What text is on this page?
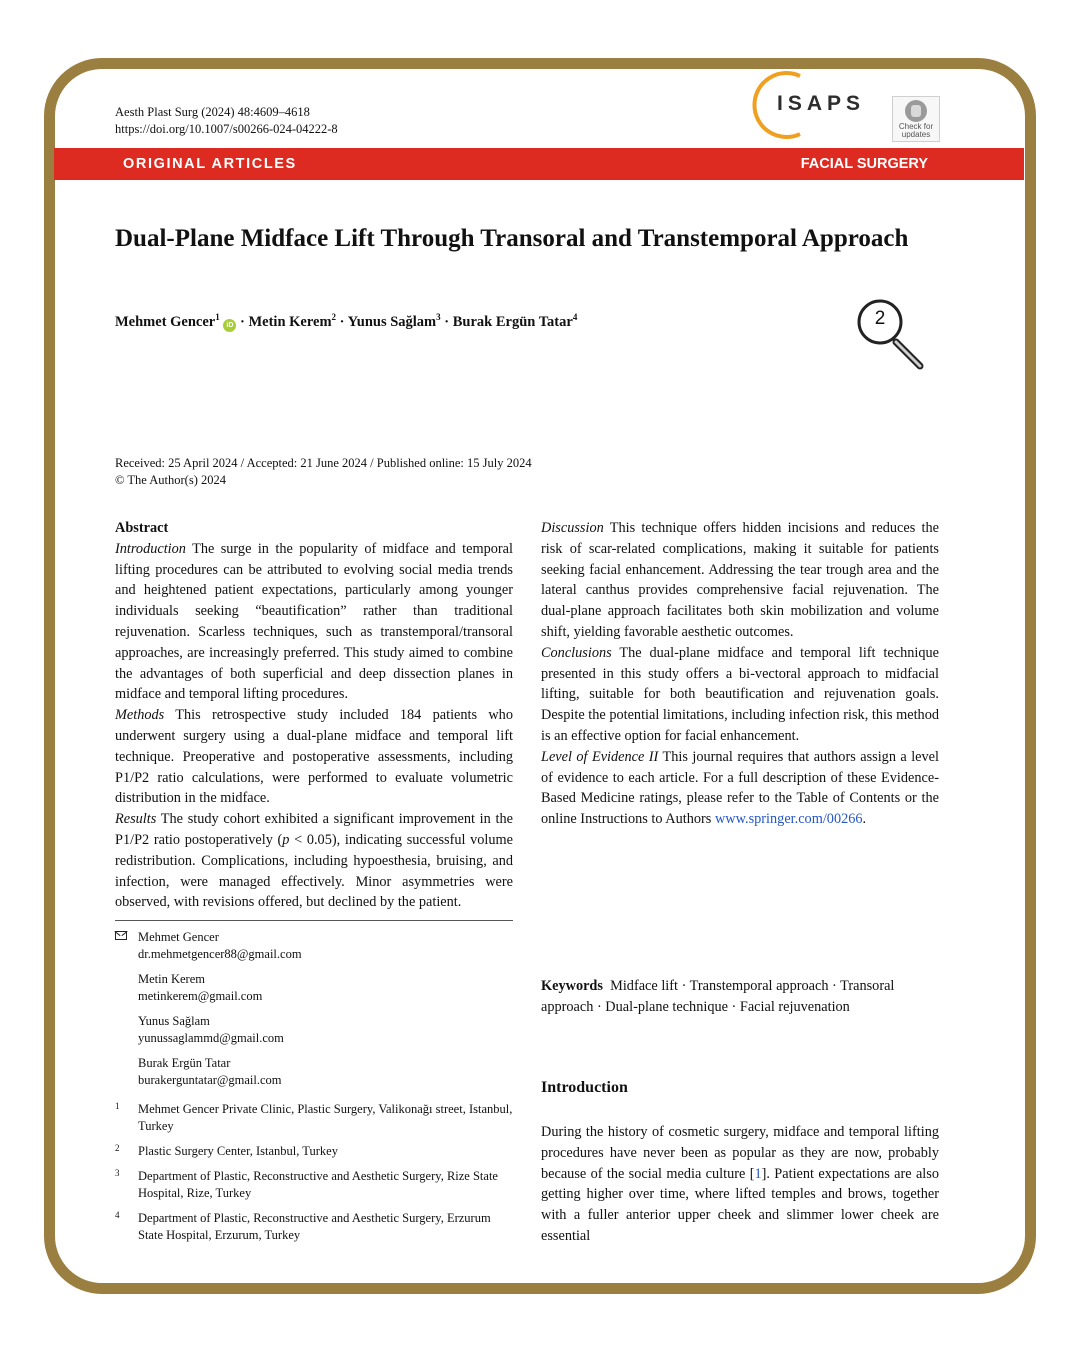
Aesth Plast Surg (2024) 48:4609–4618
https://doi.org/10.1007/s00266-024-04222-8
ISAPS
Check for
updates
ORIGINAL ARTICLES	FACIAL SURGERY
Dual-Plane Midface Lift Through Transoral and Transtemporal Approach
Mehmet Gencer$^1$ iD · Metin Kerem$^2$ · Yunus Sağlam$^3$ · Burak Ergün Tatar$^4$	2
Received: 25 April 2024 / Accepted: 21 June 2024 / Published online: 15 July 2024
© The Author(s) 2024

Abstract

Introduction The surge in the popularity of midface and temporal lifting procedures can be attributed to evolving social media trends and heightened patient expectations, particularly among younger individuals seeking “beautification” rather than traditional rejuvenation. Scarless techniques, such as transtemporal/transoral approaches, are increasingly preferred. This study aimed to combine the advantages of both superficial and deep dissection planes in midface and temporal lifting procedures.

Methods This retrospective study included 184 patients who underwent surgery using a dual-plane midface and temporal lift technique. Preoperative and postoperative assessments, including P1/P2 ratio calculations, were performed to evaluate volumetric distribution in the midface.

Results The study cohort exhibited a significant improvement in the P1/P2 ratio postoperatively (p < 0.05), indicating successful volume redistribution. Complications, including hypoesthesia, bruising, and infection, were managed effectively. Minor asymmetries were observed, with revisions offered, but declined by the patient.

Discussion This technique offers hidden incisions and reduces the risk of scar-related complications, making it suitable for patients seeking facial enhancement. Addressing the tear trough area and the lateral canthus provides comprehensive facial rejuvenation. The dual-plane approach facilitates both skin mobilization and volume shift, yielding favorable aesthetic outcomes.

Conclusions The dual-plane midface and temporal lift technique presented in this study offers a bi-vectoral approach to midfacial lifting, suitable for both beautification and rejuvenation goals. Despite the potential limitations, including infection risk, this method is an effective option for facial enhancement.

Level of Evidence II This journal requires that authors assign a level of evidence to each article. For a full description of these Evidence-Based Medicine ratings, please refer to the Table of Contents or the online Instructions to Authors www.springer.com/00266.

Mehmet Gencer
dr.mehmetgencer88@gmail.com
Metin Kerem
metinkerem@gmail.com
Yunus Sağlam
yunussaglammd@gmail.com
Burak Ergün Tatar
burakerguntatar@gmail.com
1 Mehmet Gencer Private Clinic, Plastic Surgery, Valikonağı street, Istanbul, Turkey
2 Plastic Surgery Center, Istanbul, Turkey
3 Department of Plastic, Reconstructive and Aesthetic Surgery, Rize State Hospital, Rize, Turkey
4 Department of Plastic, Reconstructive and Aesthetic Surgery, Erzurum State Hospital, Erzurum, Turkey
Keywords Midface lift · Transtemporal approach · Transoral approach · Dual-plane technique · Facial rejuvenation
Introduction
During the history of cosmetic surgery, midface and temporal lifting procedures have never been as popular as they are now, probably because of the social media culture [1]. Patient expectations are also getting higher over time, where lifted temples and brows, together with a fuller anterior upper cheek and slimmer lower cheek are essential
